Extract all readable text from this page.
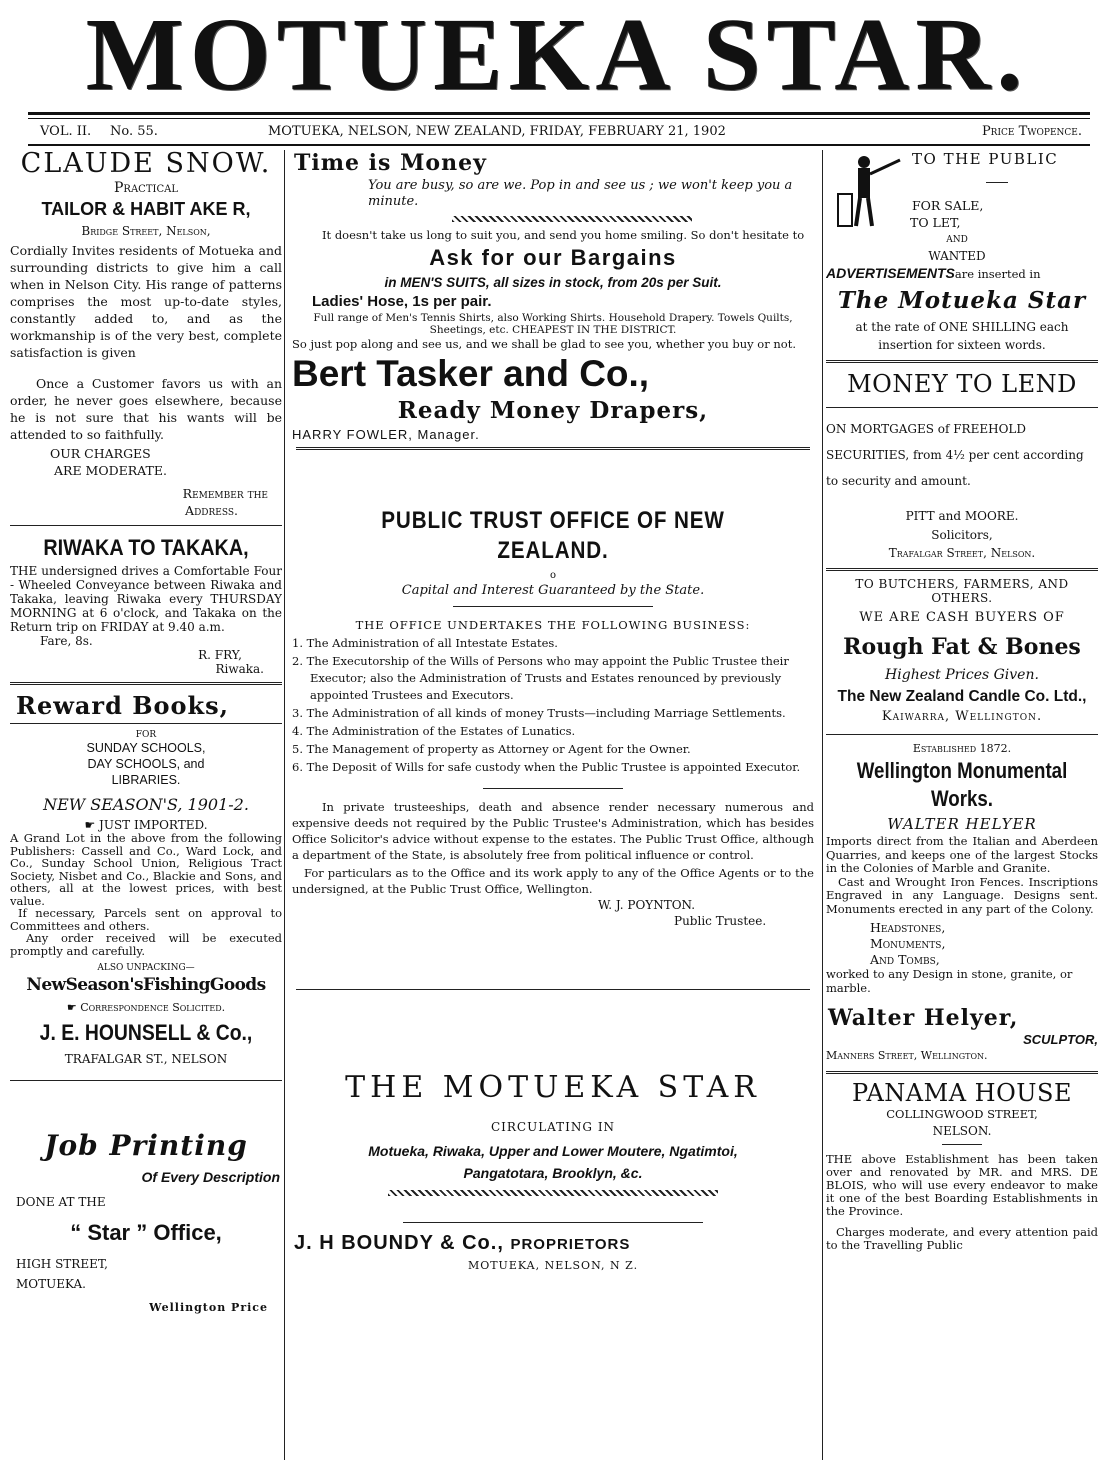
MOTUEKA STAR.
VOL. II. No. 55.	MOTUEKA, NELSON, NEW ZEALAND, FRIDAY, FEBRUARY 21, 1902	Price Twopence.
CLAUDE SNOW.
Practical
TAILOR & HABIT AKE R,
Bridge Street, Nelson,
Cordially Invites residents of Motueka and surrounding districts to give him a call when in Nelson City. His range of patterns comprises the most up-to-date styles, constantly added to, and as the workmanship is of the very best, complete satisfaction is given
Once a Customer favors us with an order, he never goes elsewhere, because he is not sure that his wants will be attended to so faithfully.
OUR CHARGES
ARE MODERATE.
Remember the
Address.
RIWAKA TO TAKAKA,
THE undersigned drives a Comfortable Four - Wheeled Conveyance between Riwaka and Takaka, leaving Riwaka every THURSDAY MORNING at 6 o'clock, and Takaka on the Return trip on FRIDAY at 9.40 a.m.
Fare, 8s.
R. FRY,
Riwaka.
Reward Books,
FOR
SUNDAY SCHOOLS,
DAY SCHOOLS, and
LIBRARIES.
NEW SEASON'S, 1901-2.
☛ JUST IMPORTED.
A Grand Lot in the above from the following Publishers: Cassell and Co., Ward Lock, and Co., Sunday School Union, Religious Tract Society, Nisbet and Co., Blackie and Sons, and others, all at the lowest prices, with best value.
If necessary, Parcels sent on approval to Committees and others.
Any order received will be executed promptly and carefully.
ALSO UNPACKING—
NewSeason'sFishingGoods
☛ Correspondence Solicited.
J. E. HOUNSELL & Co.,
TRAFALGAR ST., NELSON
Job Printing
Of Every Description
DONE AT THE
“ Star ” Office,
HIGH STREET,
MOTUEKA.
Wellington Price
Time is Money
You are busy, so are we. Pop in and see us ; we won't keep you a minute.
It doesn't take us long to suit you, and send you home smiling. So don't hesitate to
Ask for our Bargains
in MEN'S SUITS, all sizes in stock, from 20s per Suit.
Ladies' Hose, 1s per pair.
Full range of Men's Tennis Shirts, also Working Shirts. Household Drapery. Towels Quilts, Sheetings, etc. CHEAPEST IN THE DISTRICT.
So just pop along and see us, and we shall be glad to see you, whether you buy or not.
Bert Tasker and Co.,
Ready Money Drapers,
HARRY FOWLER, Manager.
PUBLIC TRUST OFFICE OF NEW ZEALAND.
o
Capital and Interest Guaranteed by the State.
THE OFFICE UNDERTAKES THE FOLLOWING BUSINESS:
1. The Administration of all Intestate Estates.
2. The Executorship of the Wills of Persons who may appoint the Public Trustee their Executor; also the Administration of Trusts and Estates renounced by previously appointed Trustees and Executors.
3. The Administration of all kinds of money Trusts—including Marriage Settlements.
4. The Administration of the Estates of Lunatics.
5. The Management of property as Attorney or Agent for the Owner.
6. The Deposit of Wills for safe custody when the Public Trustee is appointed Executor.
In private trusteeships, death and absence render necessary numerous and expensive deeds not required by the Public Trustee's Administration, which has besides Office Solicitor's advice without expense to the estates. The Public Trust Office, although a department of the State, is absolutely free from political influence or control.
For particulars as to the Office and its work apply to any of the Office Agents or to the undersigned, at the Public Trust Office, Wellington.
W. J. POYNTON.
Public Trustee.
THE MOTUEKA STAR
CIRCULATING IN
Motueka, Riwaka, Upper and Lower Moutere, Ngatimtoi,
Pangatotara, Brooklyn, &c.
J. H BOUNDY & Co., PROPRIETORS
MOTUEKA, NELSON, N Z.
TO THE PUBLIC
FOR SALE,
TO LET,
AND
WANTED
ADVERTISEMENTSare inserted in
The Motueka Star
at the rate of ONE SHILLING each insertion for sixteen words.
MONEY TO LEND
ON MORTGAGES of FREEHOLD SECURITIES, from 4½ per cent according to security and amount.
PITT and MOORE.
Solicitors,
Trafalgar Street, Nelson.
TO BUTCHERS, FARMERS, AND OTHERS.
WE ARE CASH BUYERS OF
Rough Fat & Bones
Highest Prices Given.
The New Zealand Candle Co. Ltd.,
Kaiwarra, Wellington.
Established 1872.
Wellington Monumental Works.
WALTER HELYER
Imports direct from the Italian and Aberdeen Quarries, and keeps one of the largest Stocks in the Colonies of Marble and Granite.
Cast and Wrought Iron Fences. Inscriptions Engraved in any Language. Designs sent. Monuments erected in any part of the Colony.
Headstones,
Monuments,
And Tombs,
worked to any Design in stone, granite, or marble.
Walter Helyer,
SCULPTOR,
Manners Street, Wellington.
PANAMA HOUSE
COLLINGWOOD STREET,
NELSON.
THE above Establishment has been taken over and renovated by MR. and MRS. DE BLOIS, who will use every endeavor to make it one of the best Boarding Establishments in the Province.
Charges moderate, and every attention paid to the Travelling Public
